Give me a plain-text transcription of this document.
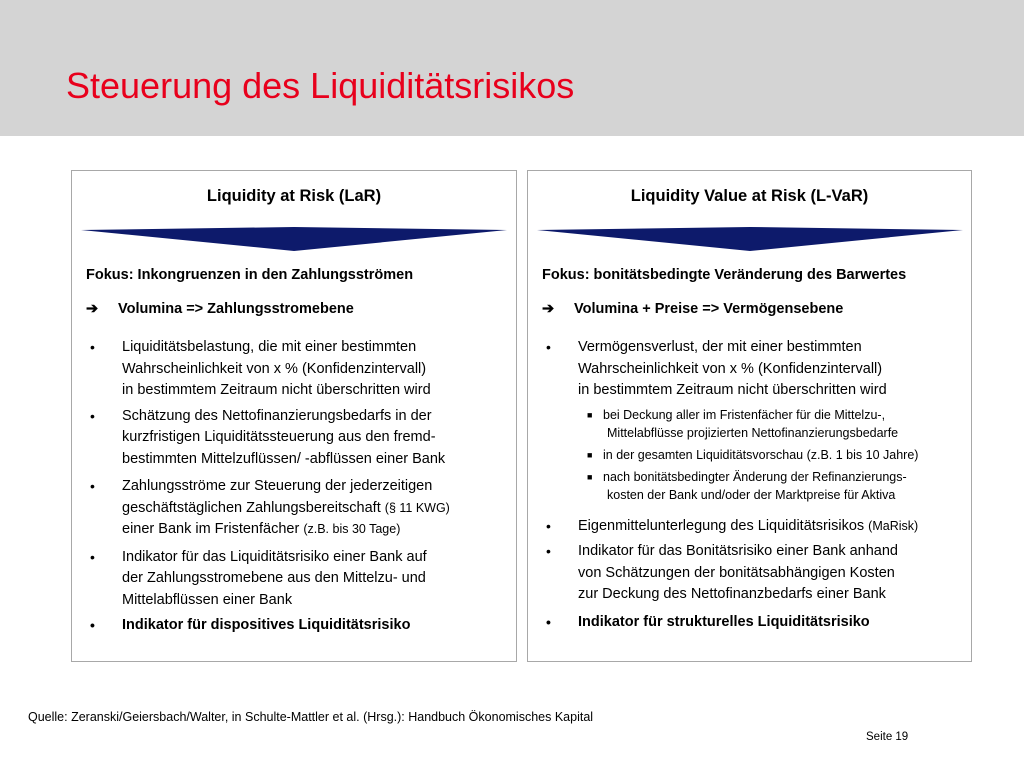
Steuerung des Liquiditätsrisikos
Liquidity at Risk (LaR)
Fokus: Inkongruenzen in den Zahlungsströmen
➔ Volumina => Zahlungsstromebene
• Liquiditätsbelastung, die mit einer bestimmten
Wahrscheinlichkeit von x % (Konfidenzintervall)
in bestimmtem Zeitraum nicht überschritten wird
• Schätzung des Nettofinanzierungsbedarfs in der
kurzfristigen Liquiditätssteuerung aus den fremd-
bestimmten Mittelzuflüssen/ -abflüssen einer Bank
• Zahlungsströme zur Steuerung der jederzeitigen
geschäftstäglichen Zahlungsbereitschaft (§ 11 KWG)
einer Bank im Fristenfächer (z.B. bis 30 Tage)
• Indikator für das Liquiditätsrisiko einer Bank auf
der Zahlungsstromebene aus den Mittelzu- und
Mittelabflüssen einer Bank
• Indikator für dispositives Liquiditätsrisiko
Liquidity Value at Risk (L-VaR)
Fokus: bonitätsbedingte Veränderung des Barwertes
➔ Volumina + Preise => Vermögensebene
• Vermögensverlust, der mit einer bestimmten
Wahrscheinlichkeit von x % (Konfidenzintervall)
in bestimmtem Zeitraum nicht überschritten wird
■ bei Deckung aller im Fristenfächer für die Mittelzu-,
Mittelabflüsse projizierten Nettofinanzierungsbedarfe
■ in der gesamten Liquiditätsvorschau (z.B. 1 bis 10 Jahre)
■ nach bonitätsbedingter Änderung der Refinanzierungs-
kosten der Bank und/oder der Marktpreise für Aktiva
• Eigenmittelunterlegung des Liquiditätsrisikos (MaRisk)
• Indikator für das Bonitätsrisiko einer Bank anhand
von Schätzungen der bonitätsabhängigen Kosten
zur Deckung des Nettofinanzbedarfs einer Bank
• Indikator für strukturelles Liquiditätsrisiko
Quelle: Zeranski/Geiersbach/Walter, in Schulte-Mattler et al. (Hrsg.): Handbuch Ökonomisches Kapital
Seite 19
